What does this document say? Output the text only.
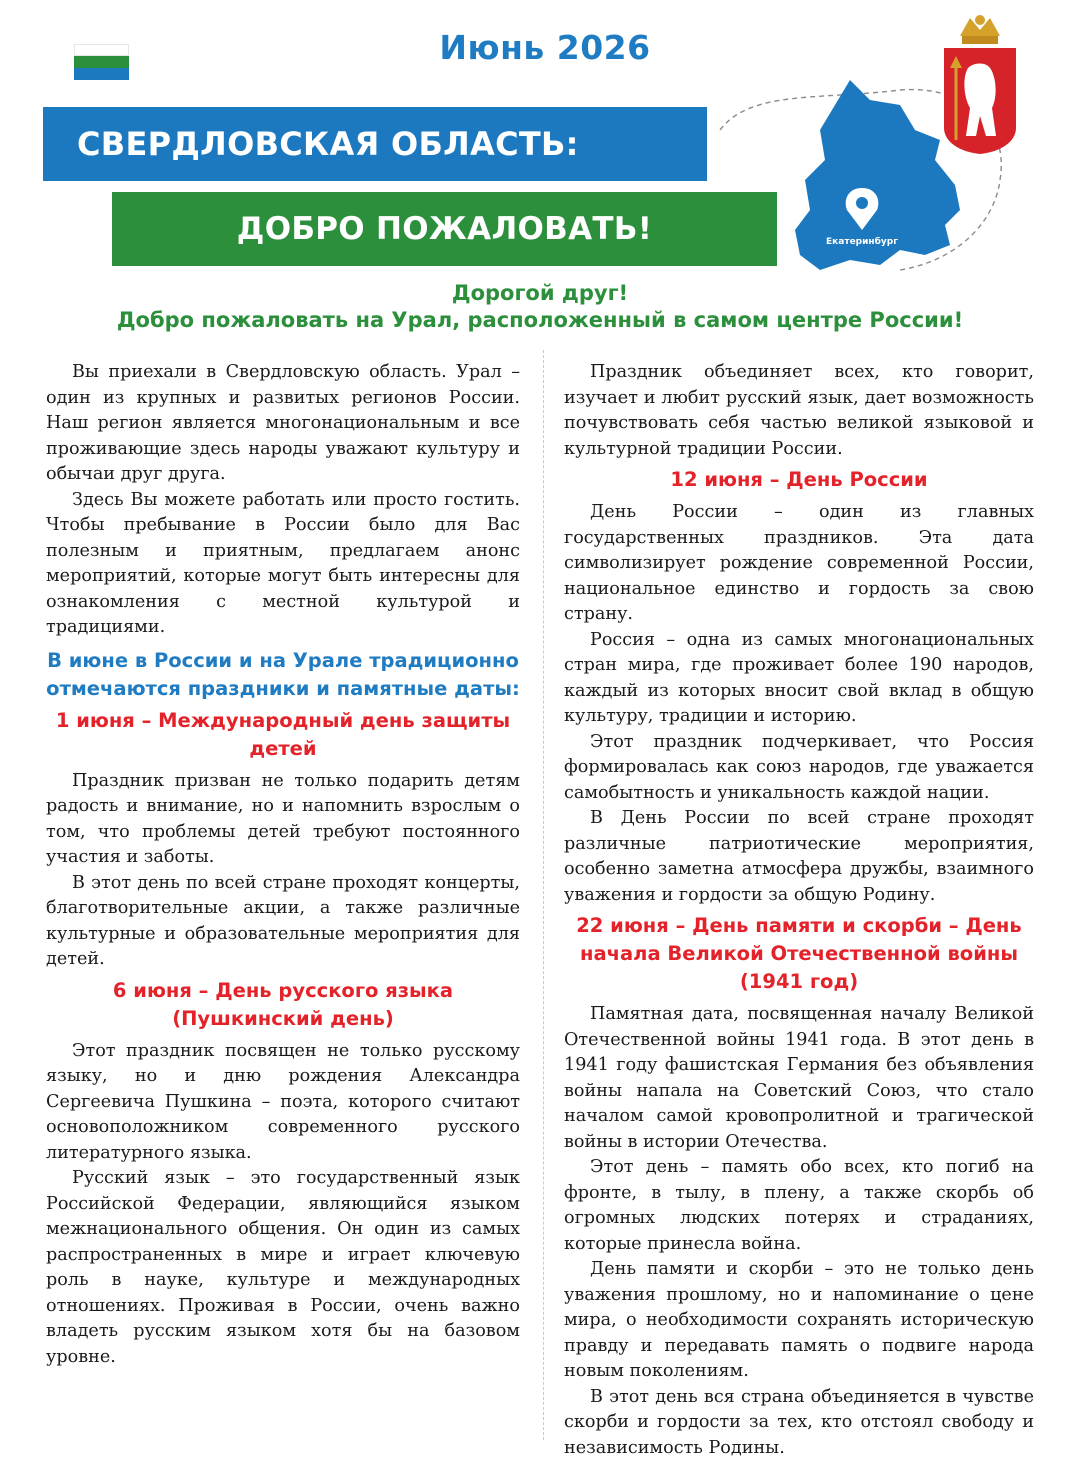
Июнь 2026
СВЕРДЛОВСКАЯ ОБЛАСТЬ:
ДОБРО ПОЖАЛОВАТЬ!	Екатеринбург
Дорогой друг!
Добро пожаловать на Урал, расположенный в самом центре России!

Вы приехали в Свердловскую область. Урал – один из крупных и развитых регионов России. Наш регион является многонациональным и все проживающие здесь народы уважают культуру и обычаи друг друга.

Здесь Вы можете работать или просто гостить. Чтобы пребывание в России было для Вас полезным и приятным, предлагаем анонс мероприятий, которые могут быть интересны для ознакомления с местной культурой и традициями.

В июне в России и на Урале традиционно отмечаются праздники и памятные даты:
1 июня – Международный день защиты детей

Праздник призван не только подарить детям радость и внимание, но и напомнить взрослым о том, что проблемы детей требуют постоянного участия и заботы.

В этот день по всей стране проходят концерты, благотворительные акции, а также различные культурные и образовательные мероприятия для детей.

6 июня – День русского языка (Пушкинский день)

Этот праздник посвящен не только русскому языку, но и дню рождения Александра Сергеевича Пушкина – поэта, которого считают основоположником современного русского литературного языка.

Русский язык – это государственный язык Российской Федерации, являющийся языком межнационального общения. Он один из самых распространенных в мире и играет ключевую роль в науке, культуре и международных отношениях. Проживая в России, очень важно владеть русским языком хотя бы на базовом уровне.

Праздник объединяет всех, кто говорит, изучает и любит русский язык, дает возможность почувствовать себя частью великой языковой и культурной традиции России.

12 июня – День России

День России – один из главных государственных праздников. Эта дата символизирует рождение современной России, национальное единство и гордость за свою страну.

Россия – одна из самых многонациональных стран мира, где проживает более 190 народов, каждый из которых вносит свой вклад в общую культуру, традиции и историю.

Этот праздник подчеркивает, что Россия формировалась как союз народов, где уважается самобытность и уникальность каждой нации.

В День России по всей стране проходят различные патриотические мероприятия, особенно заметна атмосфера дружбы, взаимного уважения и гордости за общую Родину.

22 июня – День памяти и скорби – День начала Великой Отечественной войны (1941 год)

Памятная дата, посвященная началу Великой Отечественной войны 1941 года. В этот день в 1941 году фашистская Германия без объявления войны напала на Советский Союз, что стало началом самой кровопролитной и трагической войны в истории Отечества.

Этот день – память обо всех, кто погиб на фронте, в тылу, в плену, а также скорбь об огромных людских потерях и страданиях, которые принесла война.

День памяти и скорби – это не только день уважения прошлому, но и напоминание о цене мира, о необходимости сохранять историческую правду и передавать память о подвиге народа новым поколениям.

В этот день вся страна объединяется в чувстве скорби и гордости за тех, кто отстоял свободу и независимость Родины.
